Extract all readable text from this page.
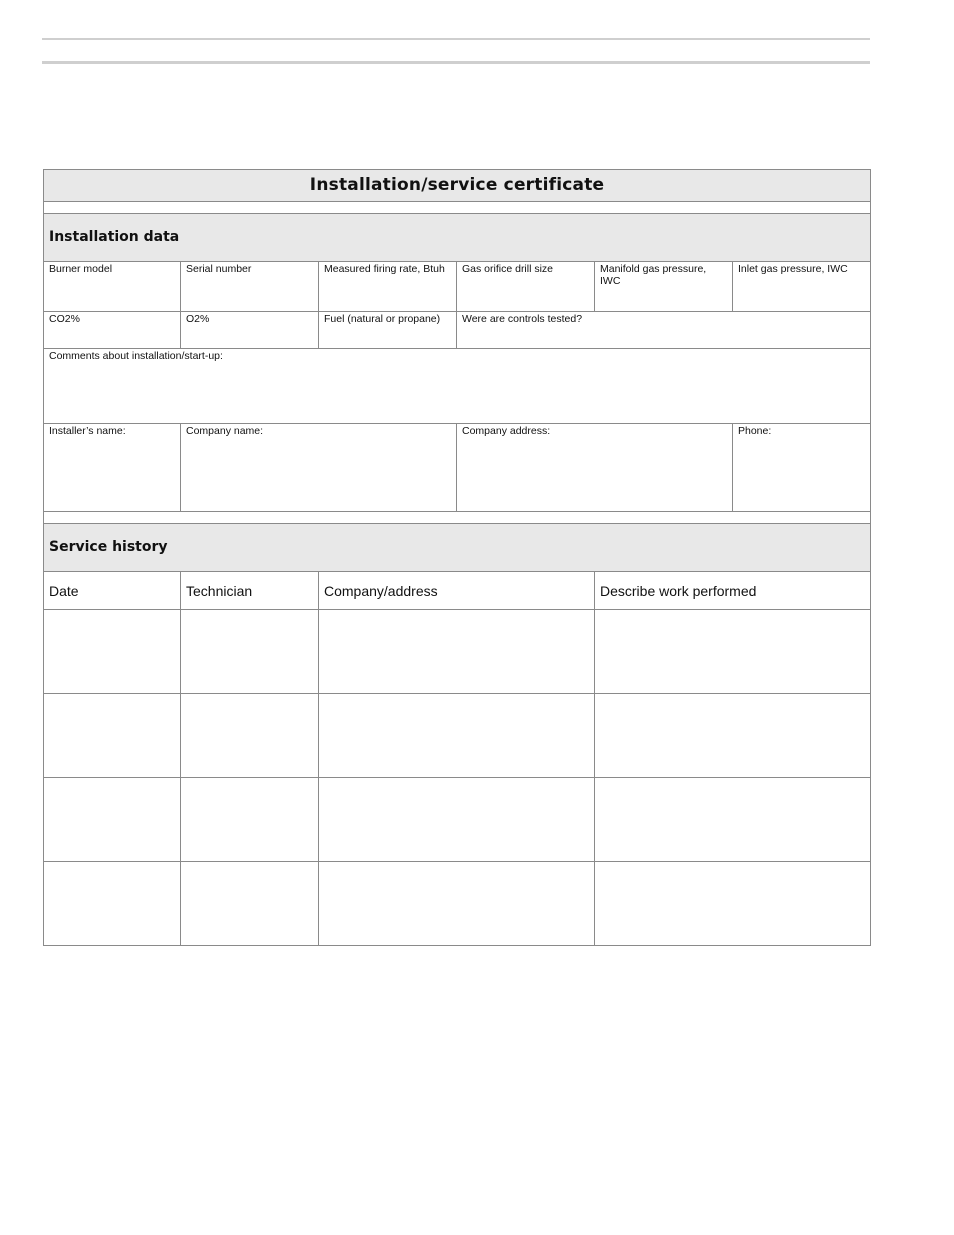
Installation/service certificate					

Installation data					

Burner model	Serial number	Measured firing rate, Btuh	Gas orifice drill size	Manifold gas pressure, IWC	Inlet gas pressure, IWC

CO2%	O2%	Fuel (natural or propane)	Were are controls tested?		

Comments about installation/start-up:					

Installer’s name:	Company name:		Company address:		Phone:

Service history					
Date	Technician	Company/address		Describe work performed	
